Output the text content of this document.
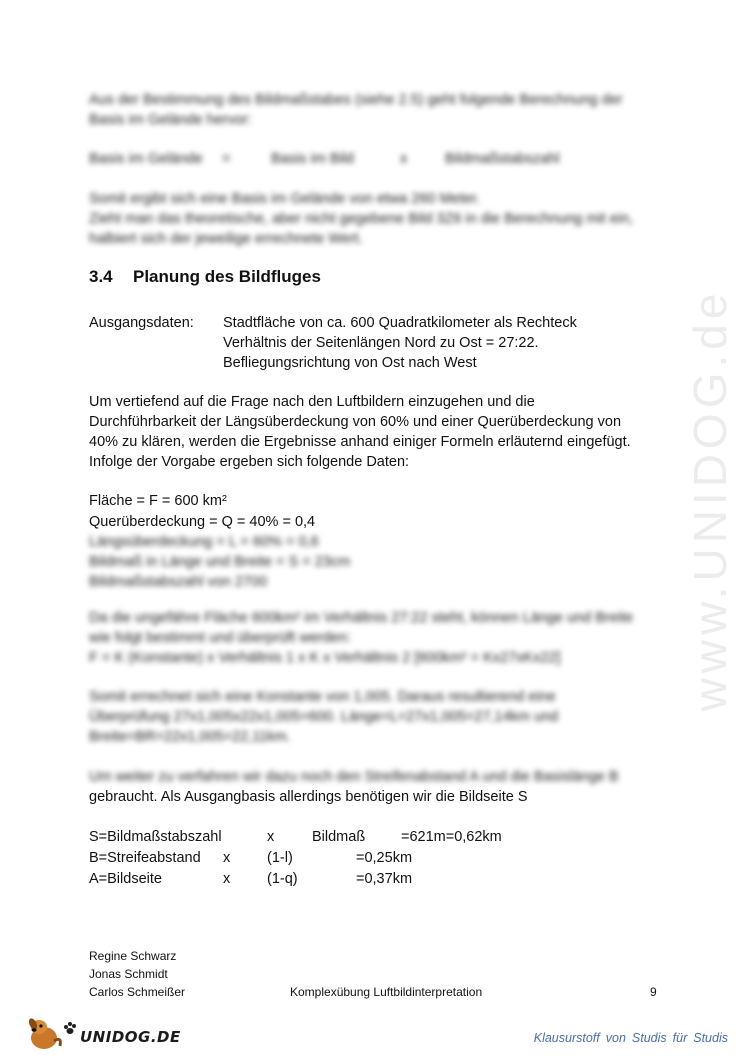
www.UNIDOG.de
Aus der Bestimmung des Bildmaßstabes (siehe 2.5) geht folgende Berechnung der
Basis im Gelände hervor:
Basis im Gelände =	Basis im Bild	x	Bildmaßstabszahl
Somit ergibt sich eine Basis im Gelände von etwa 260 Meter.
Zieht man das theoretische, aber nicht gegebene Bild 3Z6 in die Berechnung mit ein,
halbiert sich der jeweilige errechnete Wert.
3.4 Planung des Bildfluges
Ausgangsdaten: Stadtfläche von ca. 600 Quadratkilometer als Rechteck
Verhältnis der Seitenlängen Nord zu Ost = 27:22.
Befliegungsrichtung von Ost nach West
Um vertiefend auf die Frage nach den Luftbildern einzugehen und die
Durchführbarkeit der Längsüberdeckung von 60% und einer Querüberdeckung von
40% zu klären, werden die Ergebnisse anhand einiger Formeln erläuternd eingefügt.
Infolge der Vorgabe ergeben sich folgende Daten:
Fläche = F = 600 km²
Querüberdeckung = Q = 40% = 0,4
Längsüberdeckung = L = 60% = 0,6
Bildmaß in Länge und Breite = S = 23cm
Bildmaßstabszahl von 2700
Da die ungefähre Fläche 600km² im Verhältnis 27:22 steht, können Länge und Breite
wie folgt bestimmt und überprüft werden:
F = K (Konstante) x Verhältnis 1 x K x Verhältnis 2 [600km² = Kx27xKx22]
Somit errechnet sich eine Konstante von 1,005. Daraus resultierend eine
Überprüfung 27x1,005x22x1,005=600. Länge=L=27x1,005=27,14km und
Breite=BR=22x1,005=22,11km.
Um weiter zu verfahren wir dazu noch den Streifenabstand A und die Basislänge B
gebraucht. Als Ausgangbasis allerdings benötigen wir die Bildseite S
S=Bildmaßstabszahl	x	Bildmaß =621m=0,62km
B=Streifeabstand x	(1-l)	=0,25km
A=Bildseite	x	(1-q)	=0,37km
Regine Schwarz
Jonas Schmidt
Carlos Schmeißer	Komplexübung Luftbildinterpretation	9
UNIDOG.DE	Klausurstoff von Studis für Studis
